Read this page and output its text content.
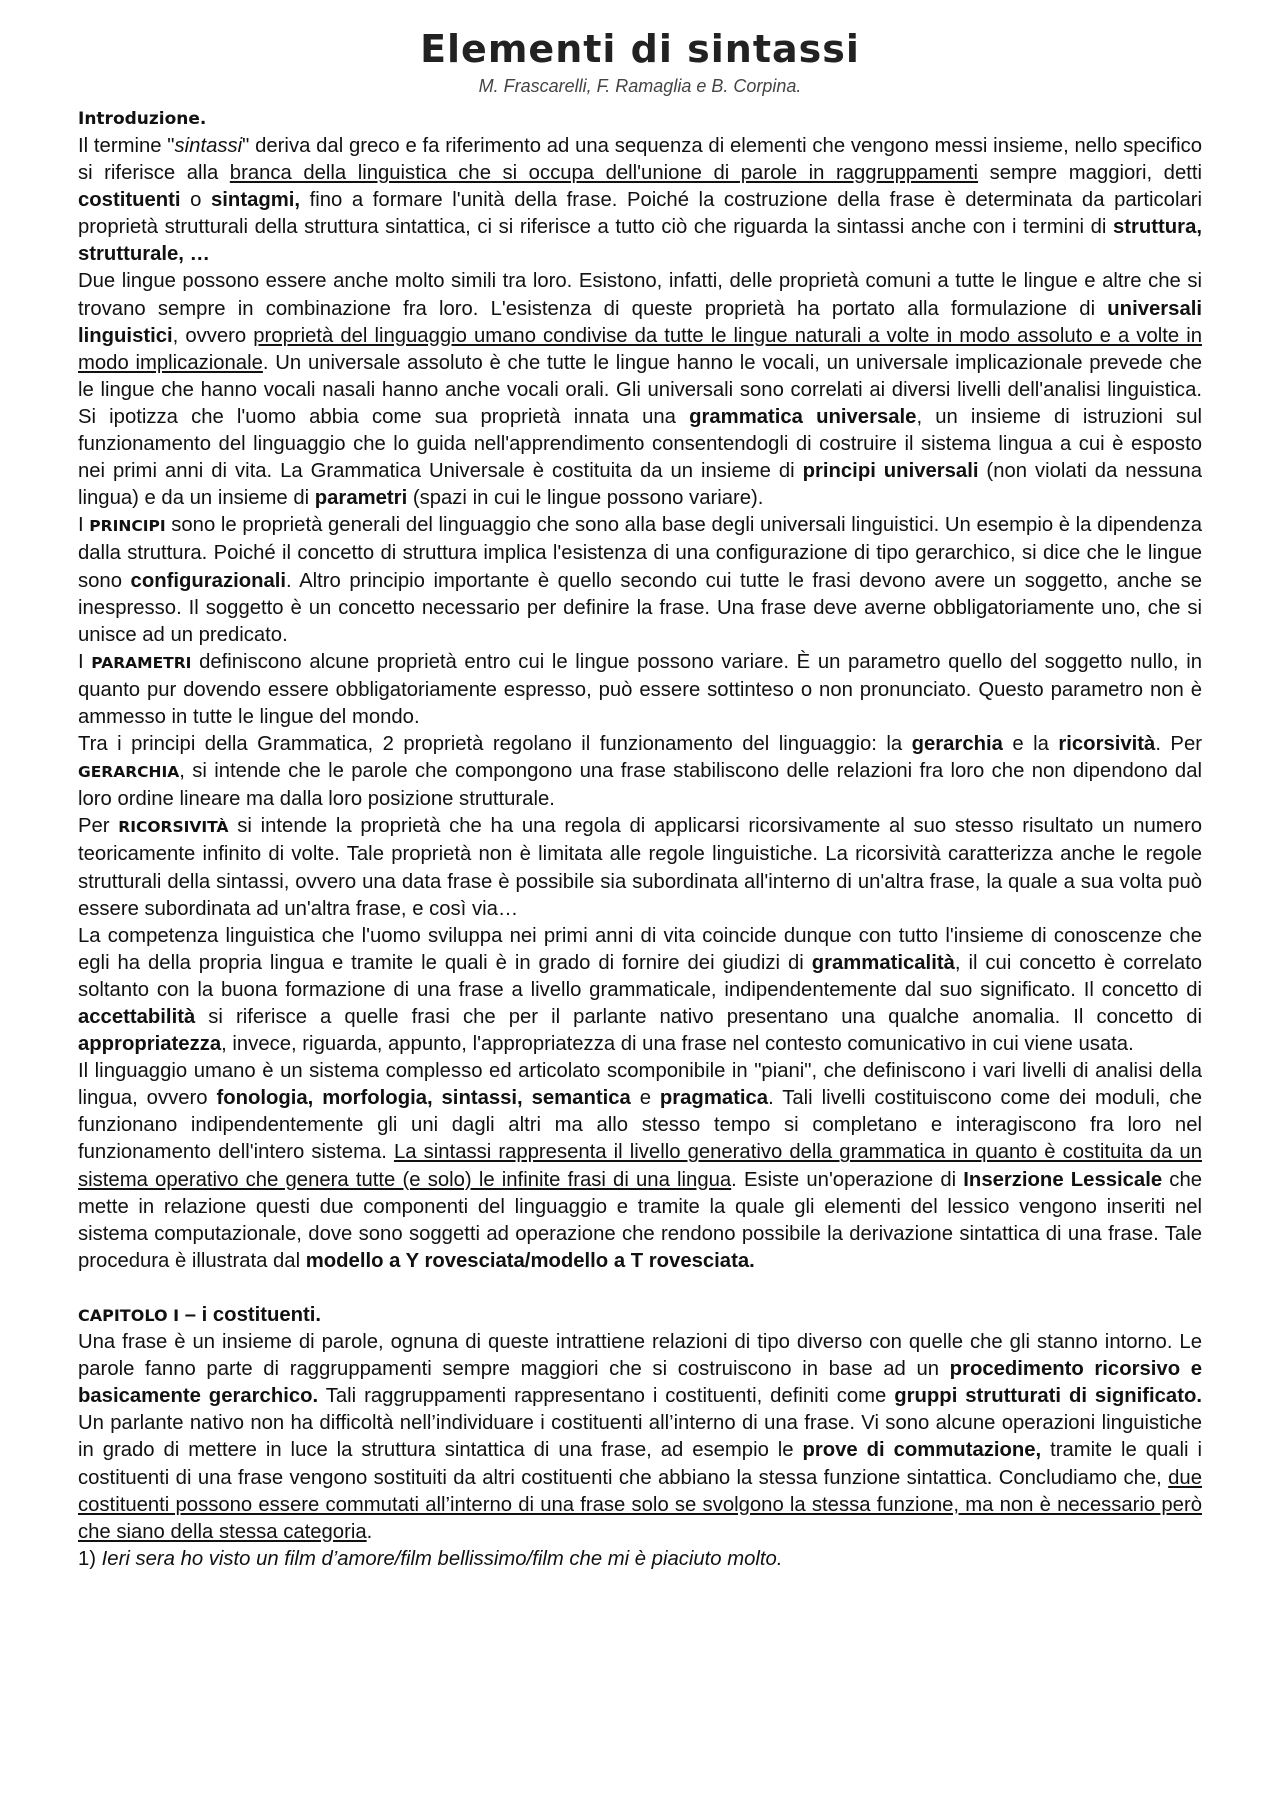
Elementi di sintassi
M. Frascarelli, F. Ramaglia e B. Corpina.
Introduzione.

Il termine "sintassi" deriva dal greco e fa riferimento ad una sequenza di elementi che vengono messi insieme, nello specifico si riferisce alla branca della linguistica che si occupa dell'unione di parole in raggruppamenti sempre maggiori, detti costituenti o sintagmi, fino a formare l'unità della frase. Poiché la costruzione della frase è determinata da particolari proprietà strutturali della struttura sintattica, ci si riferisce a tutto ciò che riguarda la sintassi anche con i termini di struttura, strutturale, …

Due lingue possono essere anche molto simili tra loro. Esistono, infatti, delle proprietà comuni a tutte le lingue e altre che si trovano sempre in combinazione fra loro. L'esistenza di queste proprietà ha portato alla formulazione di universali linguistici, ovvero proprietà del linguaggio umano condivise da tutte le lingue naturali a volte in modo assoluto e a volte in modo implicazionale. Un universale assoluto è che tutte le lingue hanno le vocali, un universale implicazionale prevede che le lingue che hanno vocali nasali hanno anche vocali orali. Gli universali sono correlati ai diversi livelli dell'analisi linguistica. Si ipotizza che l'uomo abbia come sua proprietà innata una grammatica universale, un insieme di istruzioni sul funzionamento del linguaggio che lo guida nell'apprendimento consentendogli di costruire il sistema lingua a cui è esposto nei primi anni di vita. La Grammatica Universale è costituita da un insieme di principi universali (non violati da nessuna lingua) e da un insieme di parametri (spazi in cui le lingue possono variare).

I PRINCIPI sono le proprietà generali del linguaggio che sono alla base degli universali linguistici. Un esempio è la dipendenza dalla struttura. Poiché il concetto di struttura implica l'esistenza di una configurazione di tipo gerarchico, si dice che le lingue sono configurazionali. Altro principio importante è quello secondo cui tutte le frasi devono avere un soggetto, anche se inespresso. Il soggetto è un concetto necessario per definire la frase. Una frase deve averne obbligatoriamente uno, che si unisce ad un predicato.

I PARAMETRI definiscono alcune proprietà entro cui le lingue possono variare. È un parametro quello del soggetto nullo, in quanto pur dovendo essere obbligatoriamente espresso, può essere sottinteso o non pronunciato. Questo parametro non è ammesso in tutte le lingue del mondo.

Tra i principi della Grammatica, 2 proprietà regolano il funzionamento del linguaggio: la gerarchia e la ricorsività. Per GERARCHIA, si intende che le parole che compongono una frase stabiliscono delle relazioni fra loro che non dipendono dal loro ordine lineare ma dalla loro posizione strutturale.

Per RICORSIVITÀ si intende la proprietà che ha una regola di applicarsi ricorsivamente al suo stesso risultato un numero teoricamente infinito di volte. Tale proprietà non è limitata alle regole linguistiche. La ricorsività caratterizza anche le regole strutturali della sintassi, ovvero una data frase è possibile sia subordinata all'interno di un'altra frase, la quale a sua volta può essere subordinata ad un'altra frase, e così via…

La competenza linguistica che l'uomo sviluppa nei primi anni di vita coincide dunque con tutto l'insieme di conoscenze che egli ha della propria lingua e tramite le quali è in grado di fornire dei giudizi di grammaticalità, il cui concetto è correlato soltanto con la buona formazione di una frase a livello grammaticale, indipendentemente dal suo significato. Il concetto di accettabilità si riferisce a quelle frasi che per il parlante nativo presentano una qualche anomalia. Il concetto di appropriatezza, invece, riguarda, appunto, l'appropriatezza di una frase nel contesto comunicativo in cui viene usata.

Il linguaggio umano è un sistema complesso ed articolato scomponibile in "piani", che definiscono i vari livelli di analisi della lingua, ovvero fonologia, morfologia, sintassi, semantica e pragmatica. Tali livelli costituiscono come dei moduli, che funzionano indipendentemente gli uni dagli altri ma allo stesso tempo si completano e interagiscono fra loro nel funzionamento dell'intero sistema. La sintassi rappresenta il livello generativo della grammatica in quanto è costituita da un sistema operativo che genera tutte (e solo) le infinite frasi di una lingua. Esiste un'operazione di Inserzione Lessicale che mette in relazione questi due componenti del linguaggio e tramite la quale gli elementi del lessico vengono inseriti nel sistema computazionale, dove sono soggetti ad operazione che rendono possibile la derivazione sintattica di una frase. Tale procedura è illustrata dal modello a Y rovesciata/modello a T rovesciata.

CAPITOLO I – i costituenti.

Una frase è un insieme di parole, ognuna di queste intrattiene relazioni di tipo diverso con quelle che gli stanno intorno. Le parole fanno parte di raggruppamenti sempre maggiori che si costruiscono in base ad un procedimento ricorsivo e basicamente gerarchico. Tali raggruppamenti rappresentano i costituenti, definiti come gruppi strutturati di significato. Un parlante nativo non ha difficoltà nell’individuare i costituenti all’interno di una frase. Vi sono alcune operazioni linguistiche in grado di mettere in luce la struttura sintattica di una frase, ad esempio le prove di commutazione, tramite le quali i costituenti di una frase vengono sostituiti da altri costituenti che abbiano la stessa funzione sintattica. Concludiamo che, due costituenti possono essere commutati all’interno di una frase solo se svolgono la stessa funzione, ma non è necessario però che siano della stessa categoria.

1) Ieri sera ho visto un film d’amore/film bellissimo/film che mi è piaciuto molto.
